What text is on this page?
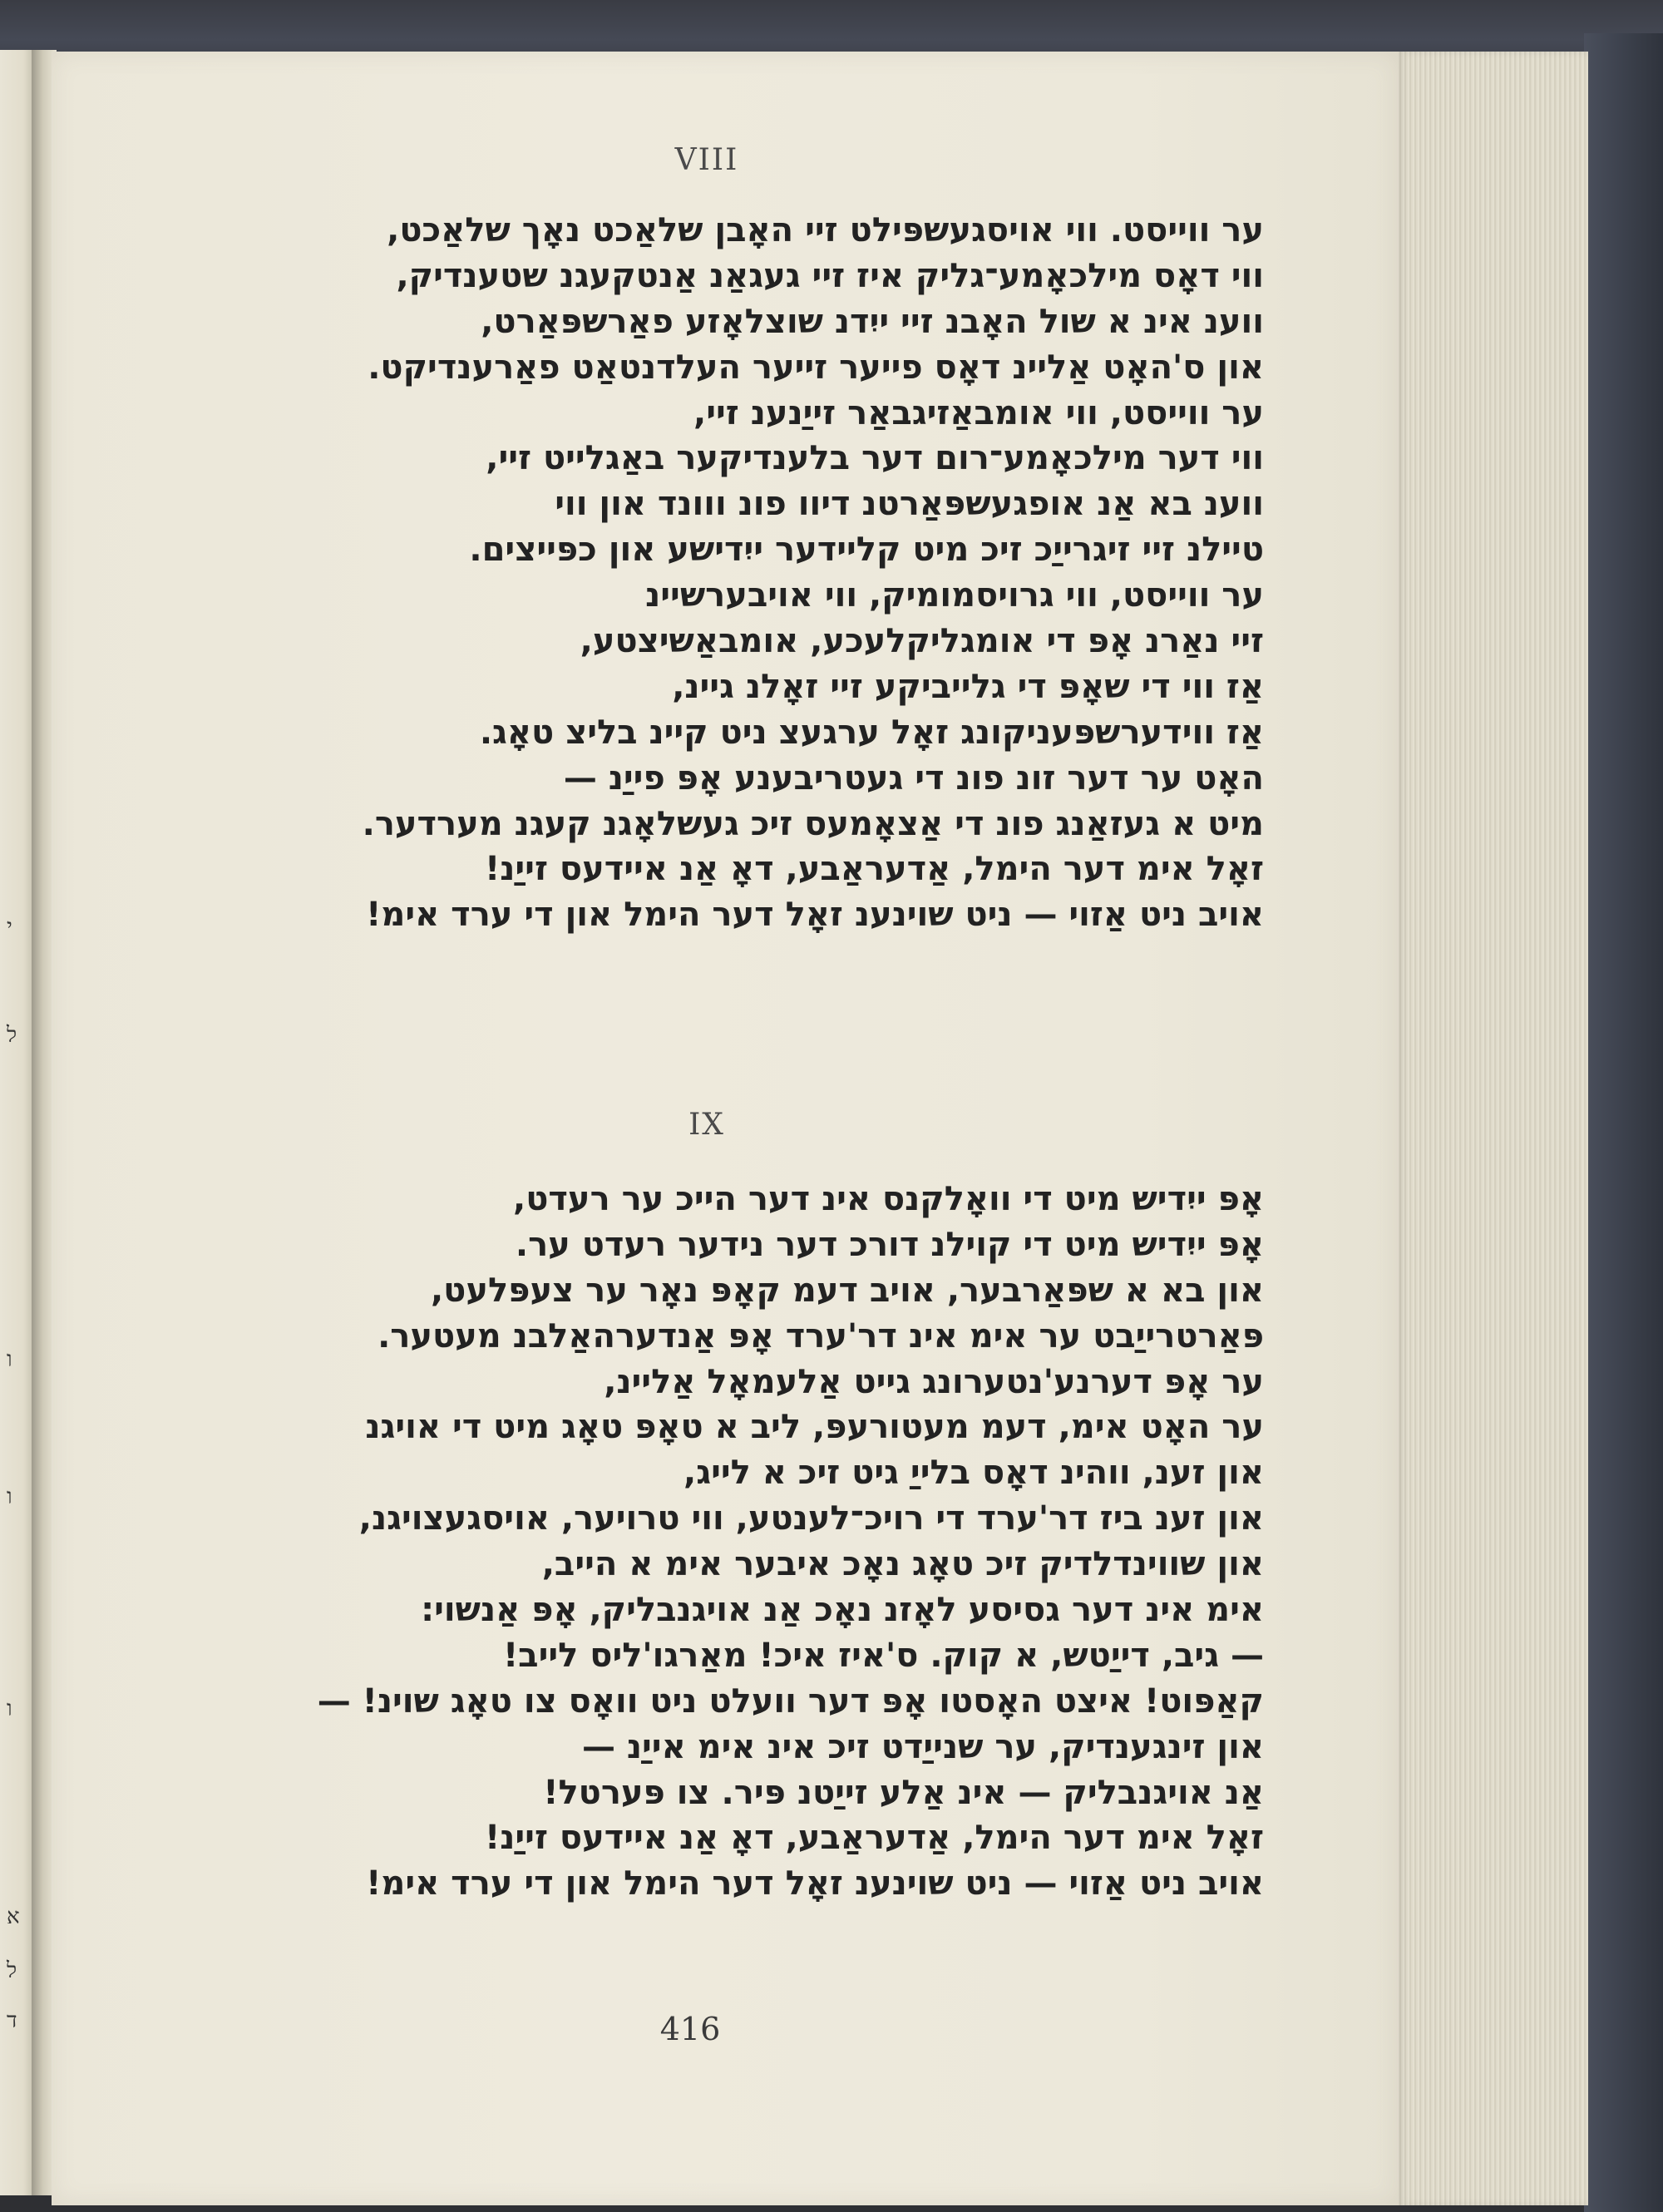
י
ל
ו
ו
ו
א
ל
ד
VIII
ער ווייסט. ווי אויסגעשפּילט זיי האָבן שלאַכט נאָך שלאַכט,
ווי דאָס מילכאָמע־גליק איז זיי געגאַנ אַנטקעגנ שטענדיק,
ווענ אינ א שול האָבנ זיי ייִדנ שוצלאָזע פאַרשפּאַרט,
און ס'האָט אַליינ דאָס פייער זייער העלדנטאַט פאַרענדיקט.
ער ווייסט, ווי אומבאַזיגבאַר זייַנענ זיי,
ווי דער מילכאָמע־רום דער בלענדיקער באַגלייט זיי,
ווענ בא אַנ אופגעשפּאַרטנ דיוו פונ ווונד און ווי
טיילנ זיי זיגרייַכ זיכ מיט קליידער ייִדישע און כפּייצים.
ער ווייסט, ווי גרויסמומיק, ווי אויבערשיינ
זיי נאַרנ אָפּ די אומגליקלעכע, אומבאַשיצטע,
אַז ווי די שאָפּ די גלייביקע זיי זאָלנ גיינ,
אַז ווידערשפּעניקונג זאָל ערגעצ ניט קיינ בליצ טאָג.
האָט ער דער זונ פונ די געטריבענע אָפּ פייַנ —
מיט א געזאַנג פונ די אַצאָמעס זיכ געשלאָגנ קעגנ מערדער.
זאָל אימ דער הימל, אַדעראַבע, דאָ אַנ איידעס זייַנ!
אויב ניט אַזוי — ניט שוינענ זאָל דער הימל און די ערד אימ!
IX
אָפּ ייִדיש מיט די וואָלקנס אינ דער הייכ ער רעדט,
אָפּ ייִדיש מיט די קוילנ דורכ דער נידער רעדט ער.
און בא א שפּאַרבער, אויב דעמ קאָפּ נאָר ער צעפּלעט,
פּאַרטרייַבט ער אימ אינ דר'ערד אָפּ אַנדערהאַלבנ מעטער.
ער אָפּ דערנע'נטערונג גייט אַלעמאָל אַליינ,
ער האָט אימ, דעמ מעטורעפּ, ליב א טאָפּ טאָג מיט די אויגנ
און זענ, ווהינ דאָס בלייַ גיט זיכ א לייג,
און זענ ביז דר'ערד די רויכ־לענטע, ווי טרויער, אויסגעצויגנ,
און שווינדלדיק זיכ טאָג נאָכ איבער אימ א הייב,
אימ אינ דער גסיסע לאָזנ נאָכ אַנ אויגנבליק, אָפּ אַנשוי:
— גיב, דייַטש, א קוק. ס'איז איכ! מאַרגו'ליס לייב!
קאַפּוט! איצט האָסטו אָפּ דער וועלט ניט וואָס צו טאָג שוינ! —
און זינגענדיק, ער שנייַדט זיכ אינ אימ אייַנ —
אַנ אויגנבליק — אינ אַלע זייַטנ פּיר. צו פּערטל!
זאָל אימ דער הימל, אַדעראַבע, דאָ אַנ איידעס זייַנ!
אויב ניט אַזוי — ניט שוינענ זאָל דער הימל און די ערד אימ!
416
